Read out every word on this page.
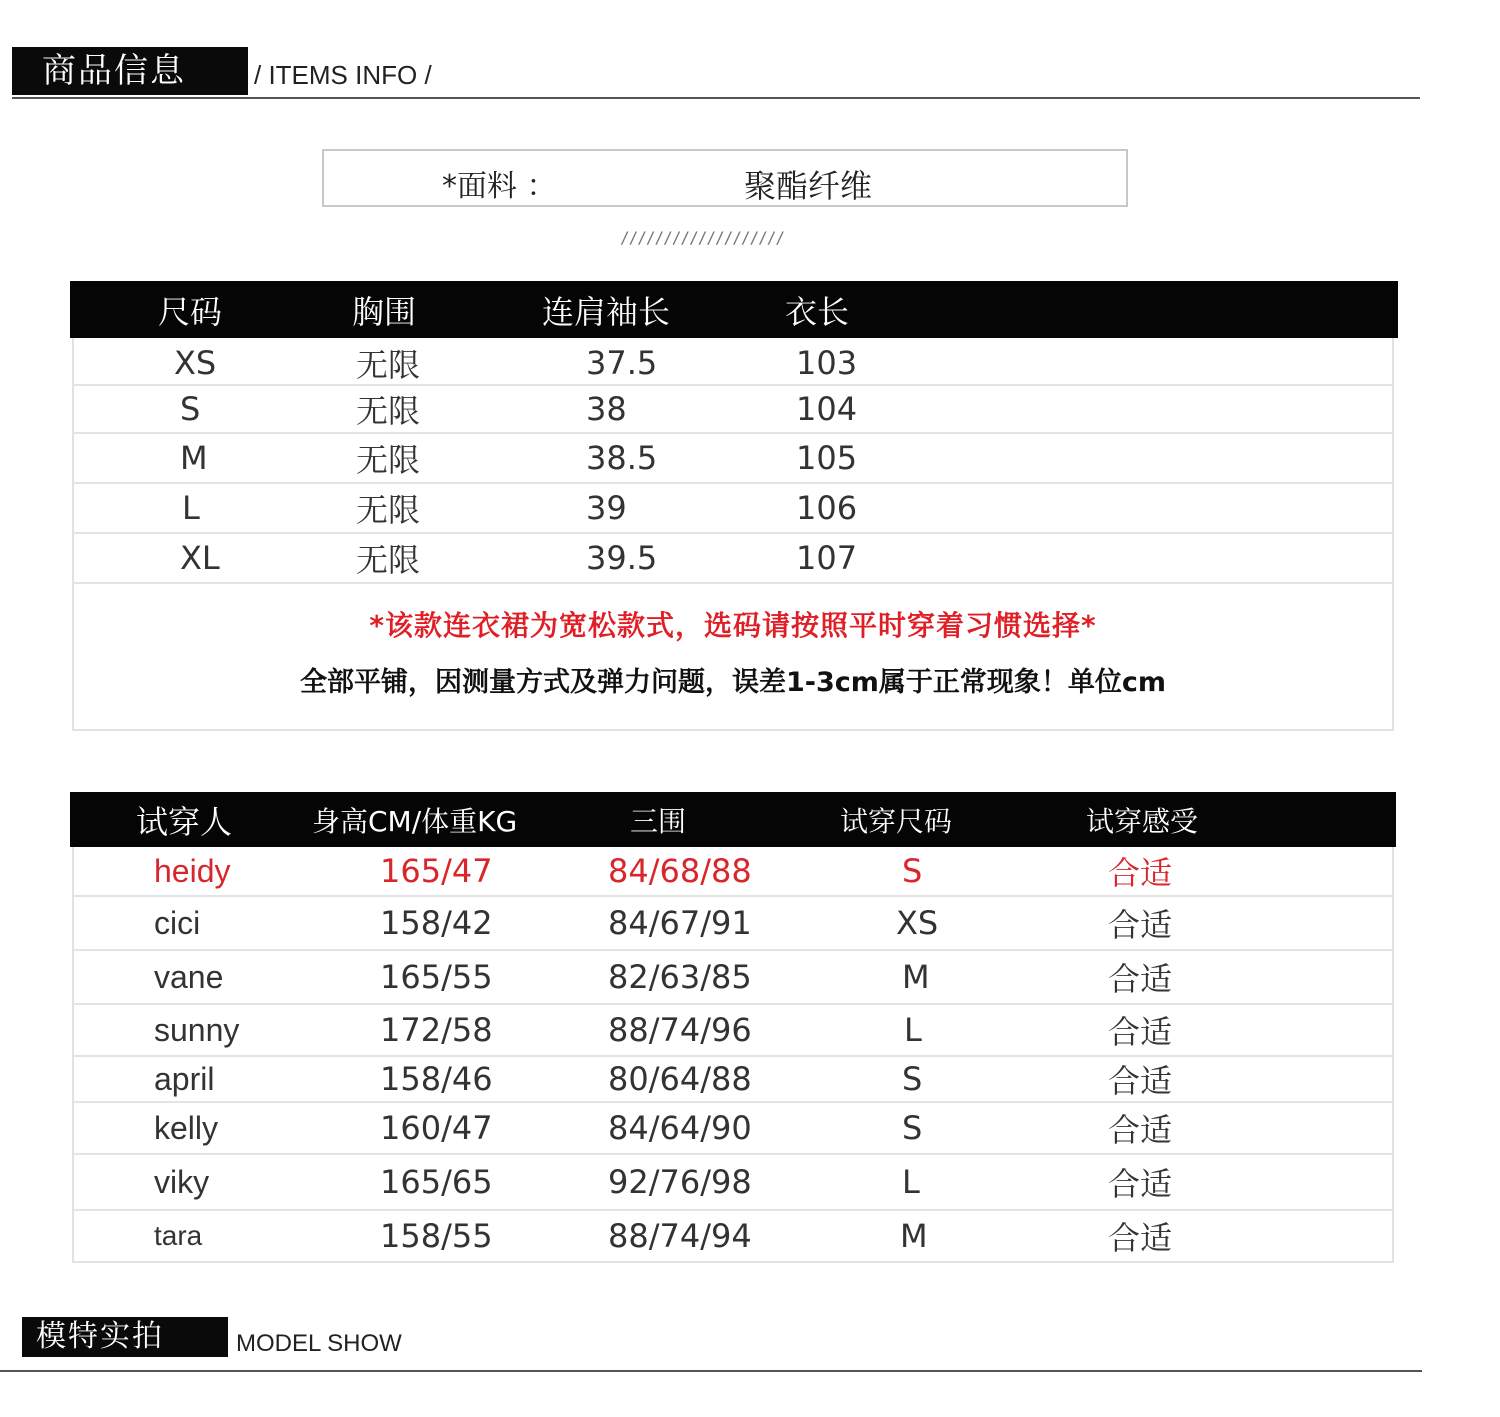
商品信息	/ ITEMS INFO /
*面料 ：	聚酯纤维
///////////////////
尺码	胸围	连肩袖长	衣长
XS	无限	37.5	103
S	无限	38	104
M	无限	38.5	105
L	无限	39	106
XL	无限	39.5	107
*该款连衣裙为宽松款式，选码请按照平时穿着习惯选择*
全部平铺，因测量方式及弹力问题，误差1-3cm属于正常现象！单位cm
试穿人	身高CM/体重KG	三围	试穿尺码	试穿感受
heidy	165/47	84/68/88	S	合适
cici	158/42	84/67/91	XS	合适
vane	165/55	82/63/85	M	合适
sunny	172/58	88/74/96	L	合适
april	158/46	80/64/88	S	合适
kelly	160/47	84/64/90	S	合适
viky	165/65	92/76/98	L	合适
tara	158/55	88/74/94	M	合适
模特实拍	MODEL SHOW
